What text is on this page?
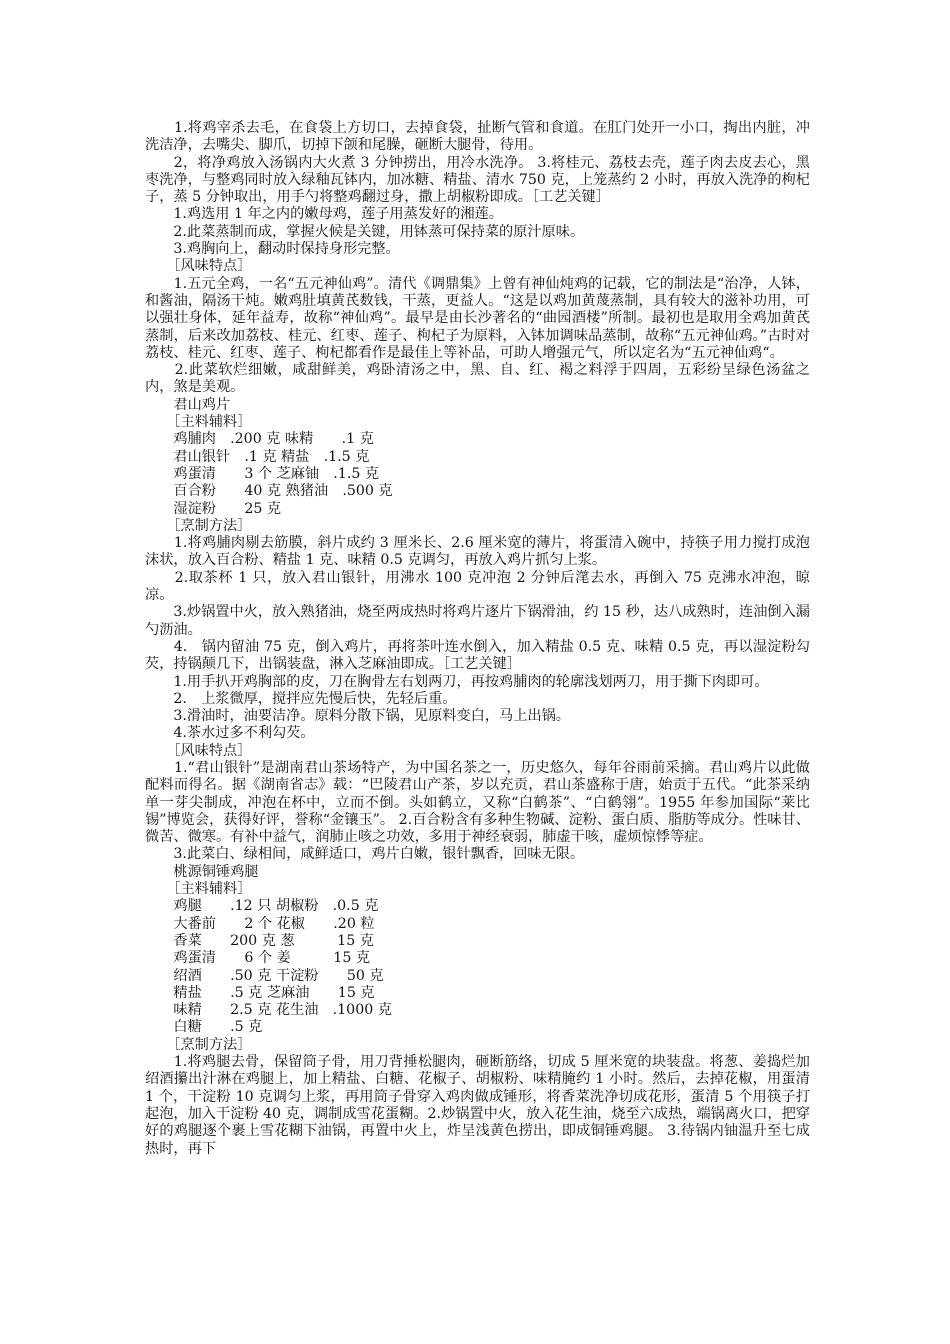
　　1.将鸡宰杀去毛，在食袋上方切口，去掉食袋，扯断气管和食道。在肛门处开一小口，掏出内脏，冲洗洁净，去嘴尖、脚爪，切掉下颌和尾臊，砸断大腿骨，待用。

　　2，将净鸡放入汤锅内大火煮 3 分钟捞出，用冷水洗净。 3.将桂元、荔枝去壳，莲子肉去皮去心，黑枣洗净，与整鸡同时放入绿釉瓦钵内，加冰糖、精盐、清水 750 克，上笼蒸约 2 小时，再放入洗净的枸杞子，蒸 5 分钟取出，用手勺将整鸡翻过身，撒上胡椒粉即成。［工艺关键］

　　1.鸡选用 1 年之内的嫩母鸡，莲子用蒸发好的湘莲。

　　2.此菜蒸制而成，掌握火候是关键，用钵蒸可保持菜的原汁原味。

　　3.鸡胸向上，翻动时保持身形完整。

　　［风味特点］

　　1.五元全鸡，一名“五元神仙鸡”。清代《调鼎集》上曾有神仙炖鸡的记载，它的制法是“治净，人钵，和酱油，隔汤干炖。嫩鸡肚填黄芪数钱，干蒸，更益人。“这是以鸡加黄蔑蒸制，具有较大的滋补功用，可以强壮身体，延年益寿，故称“神仙鸡”。最早是由长沙著名的“曲园酒楼”所制。最初也是取用全鸡加黄芪蒸制，后来改加荔枝、桂元、红枣、莲子、枸杞子为原料，入钵加调味品蒸制，故称“五元神仙鸡。”古时对荔枝、桂元、红枣、莲子、枸杞都看作是最佳上等补品，可助人增强元气，所以定名为“五元神仙鸡“。

　　2.此菜软烂细嫩，咸甜鲜美，鸡卧清汤之中，黑、自、红、褐之料浮于四周，五彩纷呈绿色汤盆之内，煞是美观。

　　君山鸡片

　　［主料辅料］

　　鸡脯肉　.200 克 味精　　.1 克

　　君山银针　.1 克 精盐　.1.5 克

　　鸡蛋清　　3 个 芝麻铀　.1.5 克

　　百合粉　　40 克 熟猪油　.500 克

　　湿淀粉　　25 克

　　［烹制方法］

　　1.将鸡脯肉剔去筋膜，斜片成约 3 厘米长、2.6 厘米宽的薄片，将蛋清入碗中，持筷子用力搅打成泡沫状，放入百合粉、精盐 1 克、味精 0.5 克调匀，再放入鸡片抓匀上浆。

　　2.取茶杯 1 只，放入君山银针，用沸水 100 克冲泡 2 分钟后滗去水，再倒入 75 克沸水冲泡，晾凉。

　　3.炒锅置中火，放入熟猪油，烧至两成热时将鸡片逐片下锅滑油，约 15 秒，达八成熟时，连油倒入漏勺沥油。

　　4.　锅内留油 75 克，倒入鸡片，再将茶叶连水倒入，加入精盐 0.5 克、味精 0.5 克，再以湿淀粉勾芡，持锅颠几下，出锅装盘，淋入芝麻油即成。［工艺关键］

　　1.用手扒开鸡胸部的皮，刀在胸骨左右划两刀，再按鸡脯肉的轮廓浅划两刀，用于撕下肉即可。

　　2.　上浆微厚，搅拌应先慢后快，先轻后重。

　　3.滑油时，油要洁净。原料分散下锅，见原料变白，马上出锅。

　　4.茶水过多不利勾芡。

　　［风味特点］

　　1.“君山银针”是湖南君山茶场特产，为中国名茶之一，历史悠久，每年谷雨前采摘。君山鸡片以此做配料而得名。据《湖南省志》载：“巴陵君山产茶，岁以充贡，君山茶盛称于唐，始贡于五代。“此茶采纳单一芽尖制成，冲泡在杯中，立而不倒。头如鹤立，又称“白鹤茶”、“白鹤翎”。1955 年参加国际“莱比锡”博览会，获得好评，誉称“金镶玉”。 2.百合粉含有多种生物碱、淀粉、蛋白质、脂肪等成分。性味甘、微苦、微寒。有补中益气，润肺止咳之功效，多用于神经衰弱，肺虚干咳，虚烦惊悸等症。

　　3.此菜白、绿相间，咸鲜适口，鸡片白嫩，银针飘香，回味无限。

　　桃源铜锤鸡腿

　　［主料辅料］

　　鸡腿　　.12 只 胡椒粉　.0.5 克

　　大番前　　2 个 花椒　　.20 粒

　　香菜　　200 克 葱　　　15 克

　　鸡蛋清　　6 个 姜　　　15 克

　　绍酒　　.50 克 干淀粉　　50 克

　　精盐　　.5 克 芝麻油　　15 克

　　味精　　2.5 克 花生油　.1000 克

　　白糖　　.5 克

　　［烹制方法］

　　1.将鸡腿去骨，保留筒子骨，用刀背捶松腿肉，砸断筋络，切成 5 厘米宽的块装盘。将葱、姜捣烂加绍酒攥出汁淋在鸡腿上，加上精盐、白糖、花椒子、胡椒粉、味精腌约 1 小时。然后，去掉花椒，用蛋清 1 个，干淀粉 10 克调匀上浆，再用筒子骨穿入鸡肉做成锤形，将香菜洗净切成花形，蛋清 5 个用筷子打起泡，加入干淀粉 40 克，调制成雪花蛋糊。2.炒锅置中火，放入花生油，烧至六成热，端锅离火口，把穿好的鸡腿逐个裹上雪花糊下油锅，再置中火上，炸呈浅黄色捞出，即成铜锤鸡腿。 3.待锅内铀温升至七成热时，再下
